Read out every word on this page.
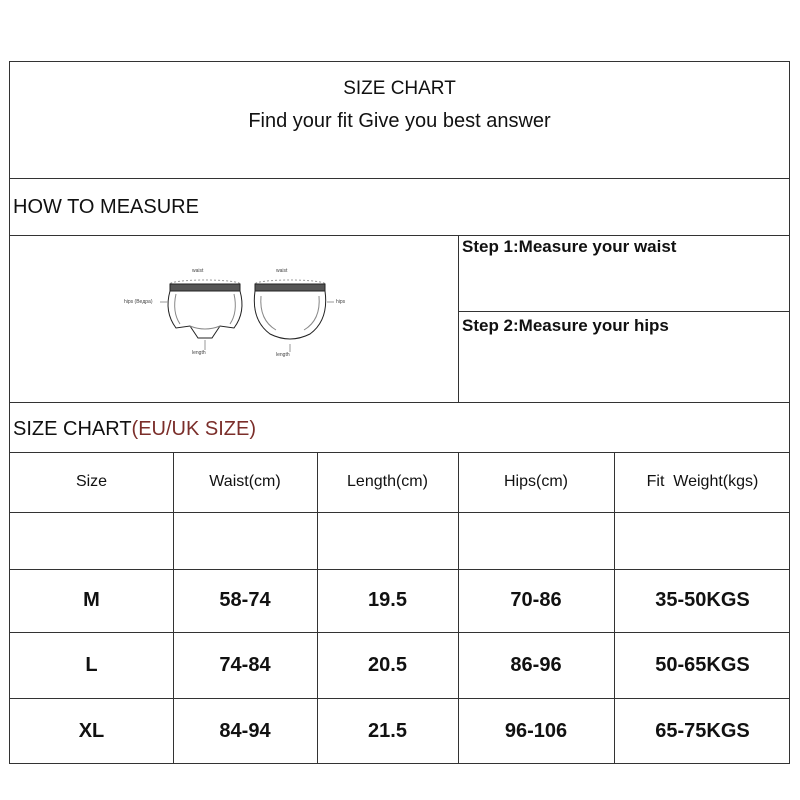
SIZE CHART
Find your fit Give you best answer
HOW TO MEASURE
Step 1:Measure your waist
Step 2:Measure your hips
waist	waist
hips (Beдpa)	hips
length	length
SIZE CHART(EU/UK SIZE)
Size	Waist(cm)	Length(cm)	Hips(cm)	Fit  Weight(kgs)
M	58-74	19.5	70-86	35-50KGS
L	74-84	20.5	86-96	50-65KGS
XL	84-94	21.5	96-106	65-75KGS
